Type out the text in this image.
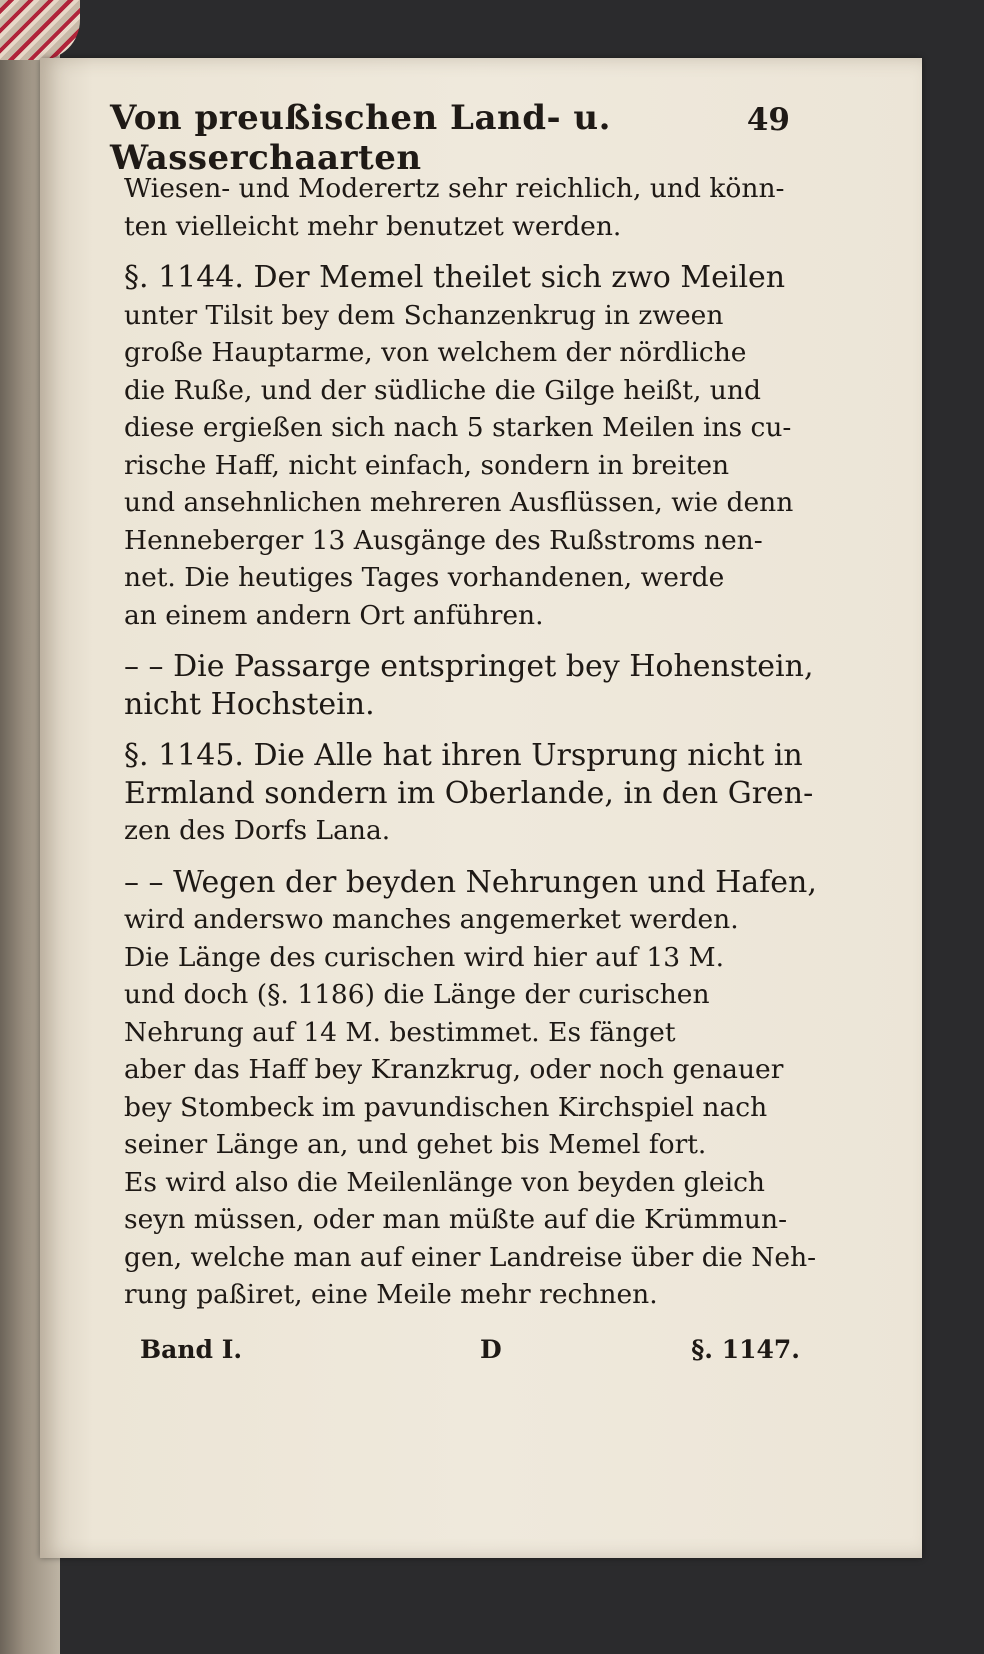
Von preußischen Land- u. Wasserchaarten
49
Wiesen- und Moderertz sehr reichlich, und könn-
ten vielleicht mehr benutzet werden.
§. 1144. Der Memel theilet sich zwo Meilen
unter Tilsit bey dem Schanzenkrug in zween
große Hauptarme, von welchem der nördliche
die Ruße, und der südliche die Gilge heißt, und
diese ergießen sich nach 5 starken Meilen ins cu-
rische Haff, nicht einfach, sondern in breiten
und ansehnlichen mehreren Ausflüssen, wie denn
Henneberger 13 Ausgänge des Rußstroms nen-
net. Die heutiges Tages vorhandenen, werde
an einem andern Ort anführen.
– – Die Passarge entspringet bey Hohenstein,
nicht Hochstein.
§. 1145. Die Alle hat ihren Ursprung nicht in
Ermland sondern im Oberlande, in den Gren-
zen des Dorfs Lana.
– – Wegen der beyden Nehrungen und Hafen,
wird anderswo manches angemerket werden.
Die Länge des curischen wird hier auf 13 M.
und doch (§. 1186) die Länge der curischen
Nehrung auf 14 M. bestimmet. Es fänget
aber das Haff bey Kranzkrug, oder noch genauer
bey Stombeck im pavundischen Kirchspiel nach
seiner Länge an, und gehet bis Memel fort.
Es wird also die Meilenlänge von beyden gleich
seyn müssen, oder man müßte auf die Krümmun-
gen, welche man auf einer Landreise über die Neh-
rung paßiret, eine Meile mehr rechnen.
Band I.	D	§. 1147.
